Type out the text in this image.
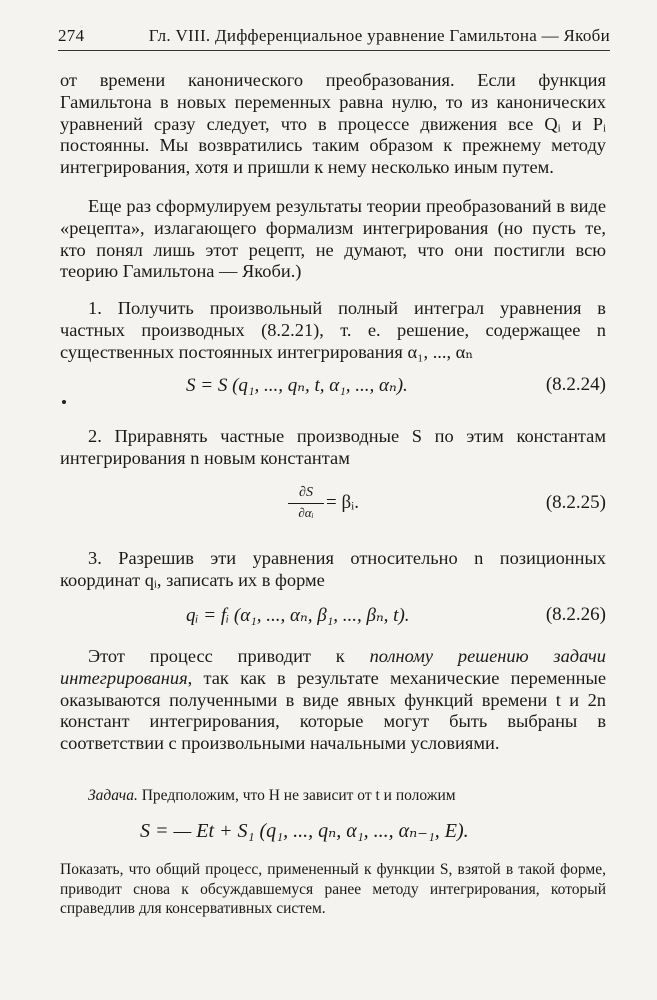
274	Гл. VIII. Дифференциальное уравнение Гамильтона — Якоби
от времени канонического преобразования. Если функция Гамильтона в новых переменных равна нулю, то из канонических уравнений сразу следует, что в процессе движения все Qᵢ и Pᵢ постоянны. Мы возвратились таким образом к прежнему методу интегрирования, хотя и пришли к нему несколько иным путем.
Еще раз сформулируем результаты теории преобразований в виде «рецепта», излагающего формализм интегрирования (но пусть те, кто понял лишь этот рецепт, не думают, что они постигли всю теорию Гамильтона — Якоби.)
1. Получить произвольный полный интеграл уравнения в частных производных (8.2.21), т. е. решение, содержащее n существенных постоянных интегрирования α₁, ..., αₙ
S = S (q₁, ..., qₙ, t, α₁, ..., αₙ).	(8.2.24)
2. Приравнять частные производные S по этим константам интегрирования n новым константам
∂S
∂αᵢ = βᵢ.	(8.2.25)
3. Разрешив эти уравнения относительно n позиционных координат qᵢ, записать их в форме
qᵢ = fᵢ (α₁, ..., αₙ, β₁, ..., βₙ, t).	(8.2.26)
Этот процесс приводит к полному решению задачи интегрирования, так как в результате механические переменные оказываются полученными в виде явных функций времени t и 2n констант интегрирования, которые могут быть выбраны в соответствии с произвольными начальными условиями.
Задача. Предположим, что H не зависит от t и положим
S = — Et + S₁ (q₁, ..., qₙ, α₁, ..., αₙ₋₁, E).
Показать, что общий процесс, примененный к функции S, взятой в такой форме, приводит снова к обсуждавшемуся ранее методу интегрирования, который справедлив для консервативных систем.
